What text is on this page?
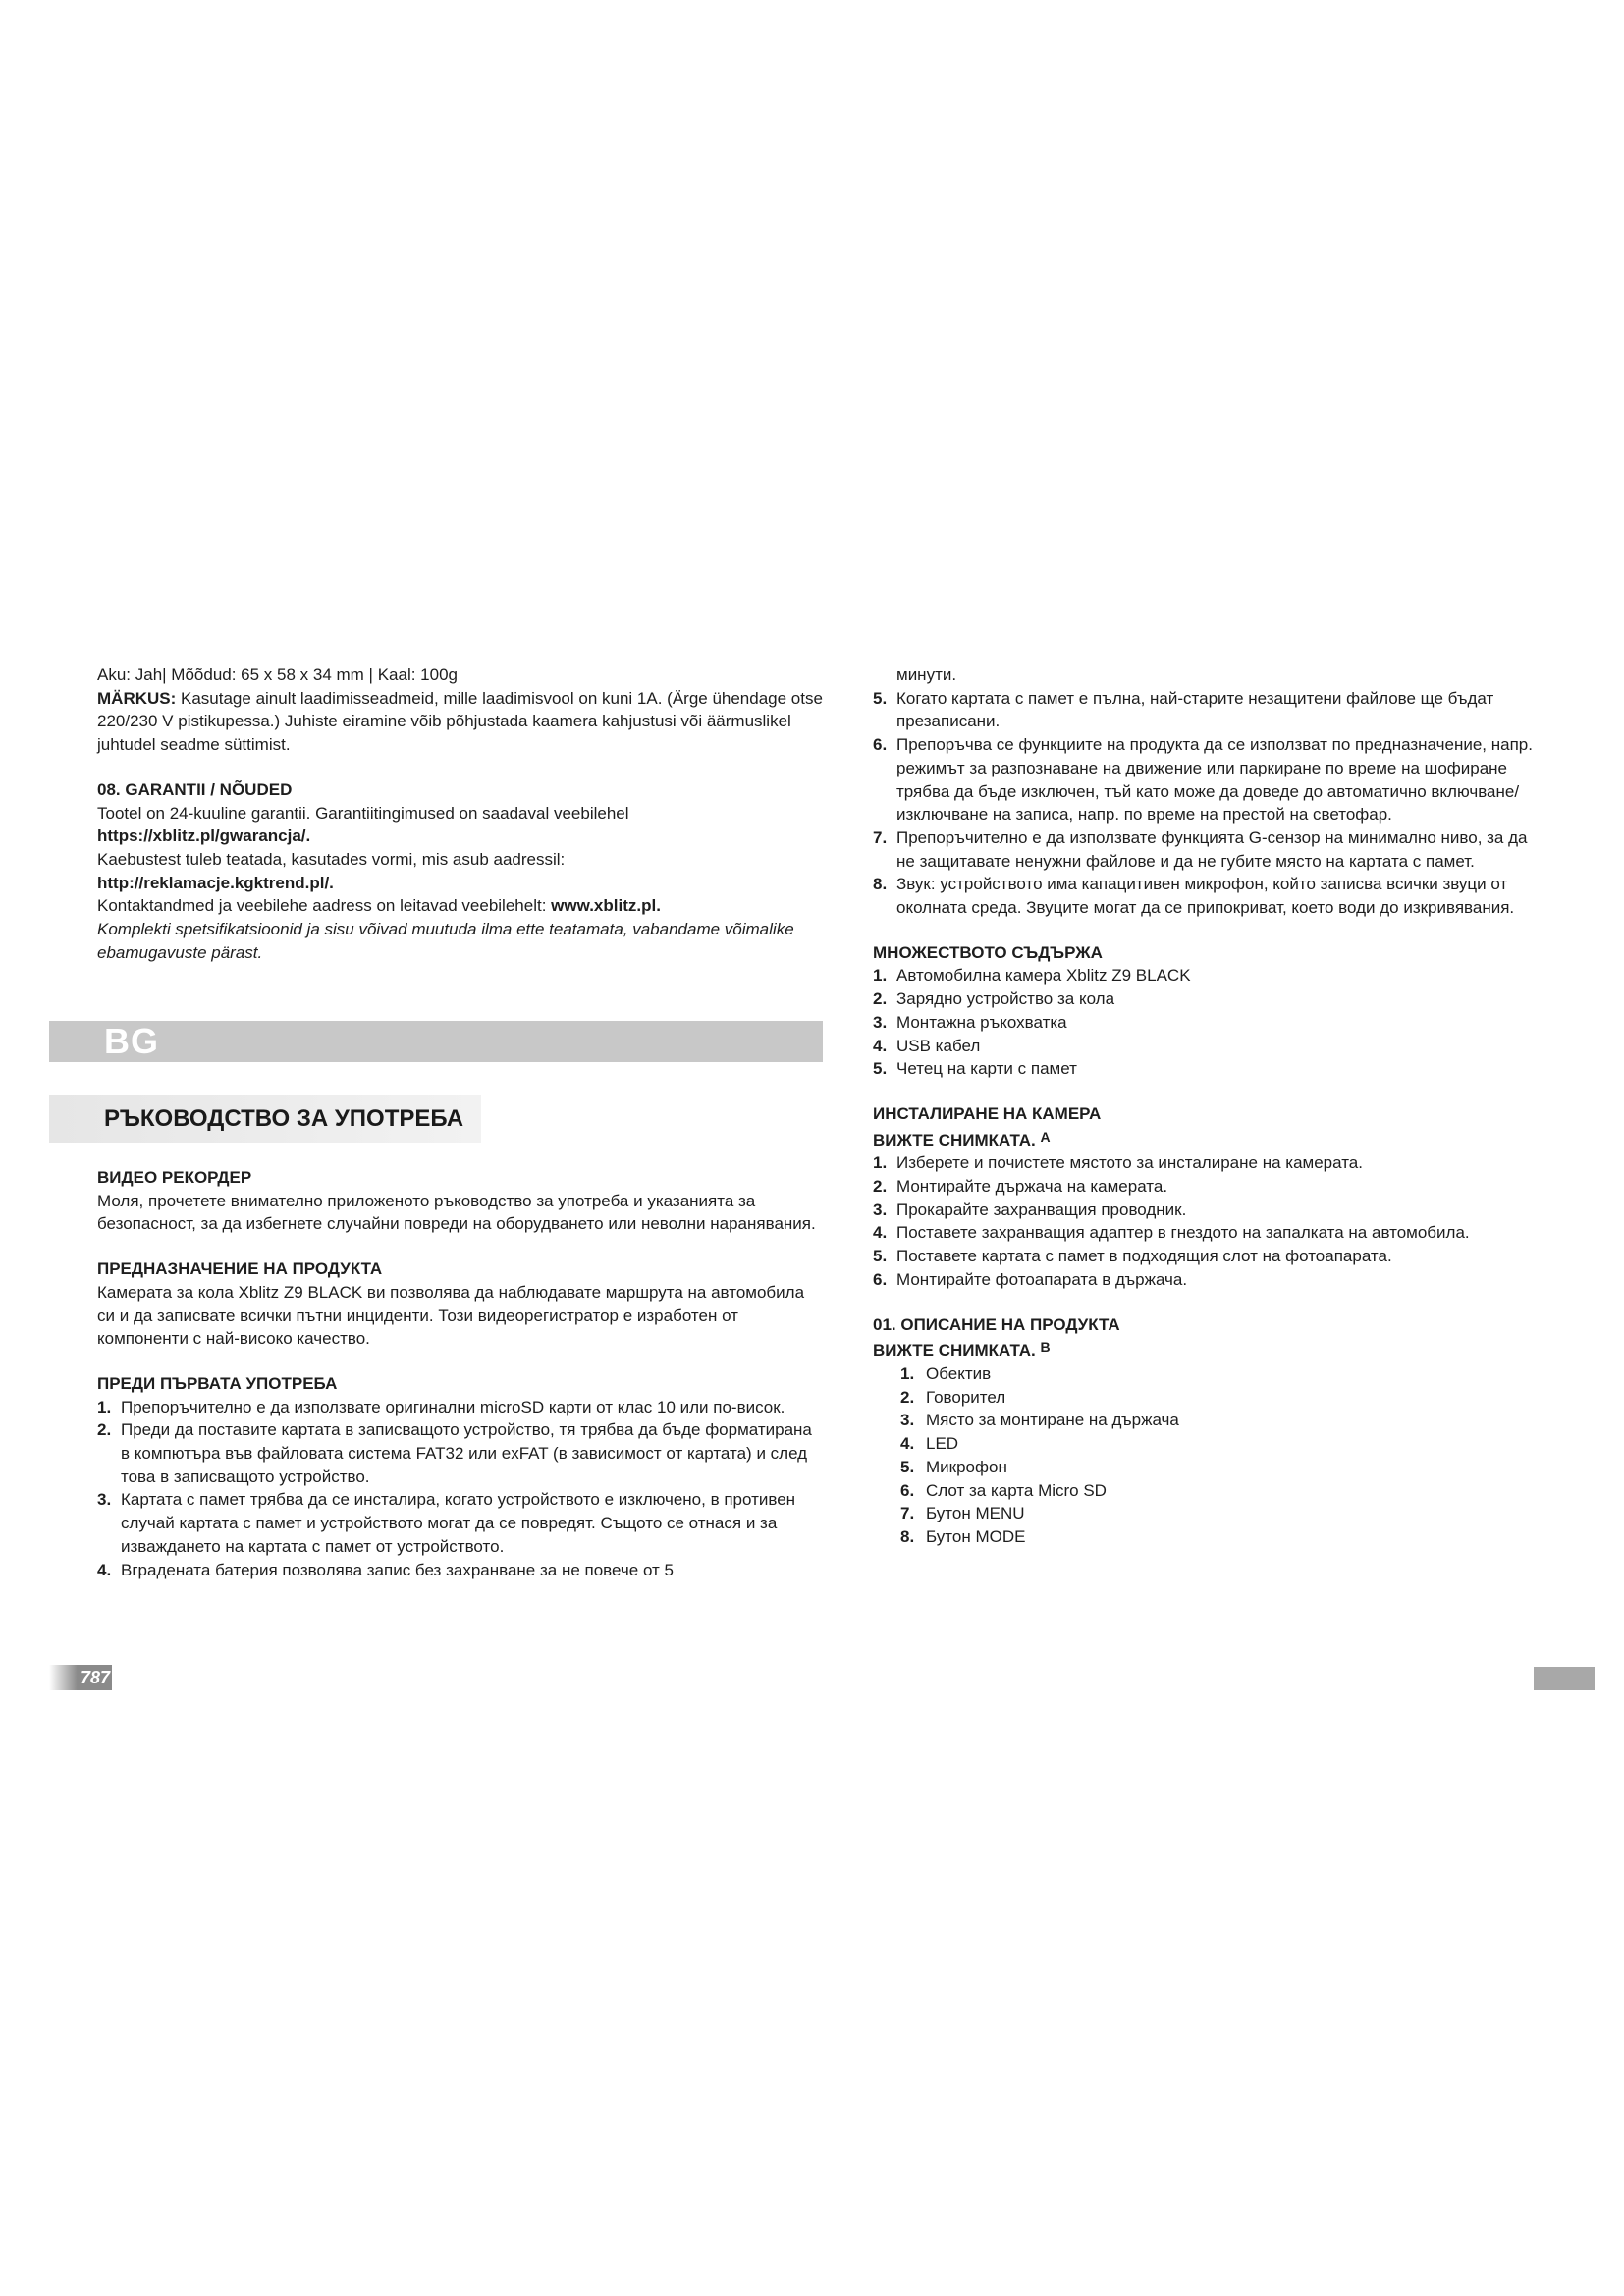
Aku: Jah| Mõõdud: 65 x 58 x 34 mm | Kaal: 100g

MÄRKUS: Kasutage ainult laadimisseadmeid, mille laadimisvool on kuni 1A. (Ärge ühendage otse 220/230 V pistikupessa.) Juhiste eiramine võib põhjustada kaamera kahjustusi või äärmuslikel juhtudel seadme süttimist.

08. GARANTII / NÕUDED

Tootel on 24-kuuline garantii. Garantiitingimused on saadaval veebilehel

https://xblitz.pl/gwarancja/.

Kaebustest tuleb teatada, kasutades vormi, mis asub aadressil:

http://reklamacje.kgktrend.pl/.

Kontaktandmed ja veebilehe aadress on leitavad veebilehelt: www.xblitz.pl.

Komplekti spetsifikatsioonid ja sisu võivad muutuda ilma ette teatamata, vabandame võimalike ebamugavuste pärast.

BG
РЪКОВОДСТВО ЗА УПОТРЕБА

ВИДЕО РЕКОРДЕР

Моля, прочетете внимателно приложеното ръководство за употреба и указанията за безопасност, за да избегнете случайни повреди на оборудването или неволни наранявания.

ПРЕДНАЗНАЧЕНИЕ НА ПРОДУКТА

Камерата за кола Xblitz Z9 BLACK ви позволява да наблюдавате маршрута на автомобила си и да записвате всички пътни инциденти. Този видеорегистратор е изработен от компоненти с най-високо качество.

ПРЕДИ ПЪРВАТА УПОТРЕБА

1. Препоръчително е да използвате оригинални microSD карти от клас 10 или по-висок.
2. Преди да поставите картата в записващото устройство, тя трябва да бъде форматирана в компютъра във файловата система FAT32 или exFAT (в зависимост от картата) и след това в записващото устройство.
3. Картата с памет трябва да се инсталира, когато устройството е изключено, в противен случай картата с памет и устройството могат да се повредят. Същото се отнася и за изваждането на картата с памет от устройството.
4. Вградената батерия позволява запис без захранване за не повече от 5
787

минути.

5. Когато картата с памет е пълна, най-старите незащитени файлове ще бъдат презаписани.
6. Препоръчва се функциите на продукта да се използват по предназначение, напр. режимът за разпознаване на движение или паркиране по време на шофиране трябва да бъде изключен, тъй като може да доведе до автоматично включване/изключване на записа, напр. по време на престой на светофар.
7. Препоръчително е да използвате функцията G-сензор на минимално ниво, за да не защитавате ненужни файлове и да не губите място на картата с памет.
8. Звук: устройството има капацитивен микрофон, който записва всички звуци от околната среда. Звуците могат да се припокриват, което води до изкривявания.

МНОЖЕСТВОТО СЪДЪРЖА

1. Автомобилна камера Xblitz Z9 BLACK
2. Зарядно устройство за кола
3. Монтажна ръкохватка
4. USB кабел
5. Четец на карти с памет

ИНСТАЛИРАНЕ НА КАМЕРА

ВИЖТЕ СНИМКАТА. $^A$

1. Изберете и почистете мястото за инсталиране на камерата.
2. Монтирайте държача на камерата.
3. Прокарайте захранващия проводник.
4. Поставете захранващия адаптер в гнездото на запалката на автомобила.
5. Поставете картата с памет в подходящия слот на фотоапарата.
6. Монтирайте фотоапарата в държача.

01. ОПИСАНИЕ НА ПРОДУКТА

ВИЖТЕ СНИМКАТА. $^B$

1. Обектив
2. Говорител
3. Място за монтиране на държача
4. LED
5. Микрофон
6. Слот за карта Micro SD
7. Бутон MENU
8. Бутон MODE
